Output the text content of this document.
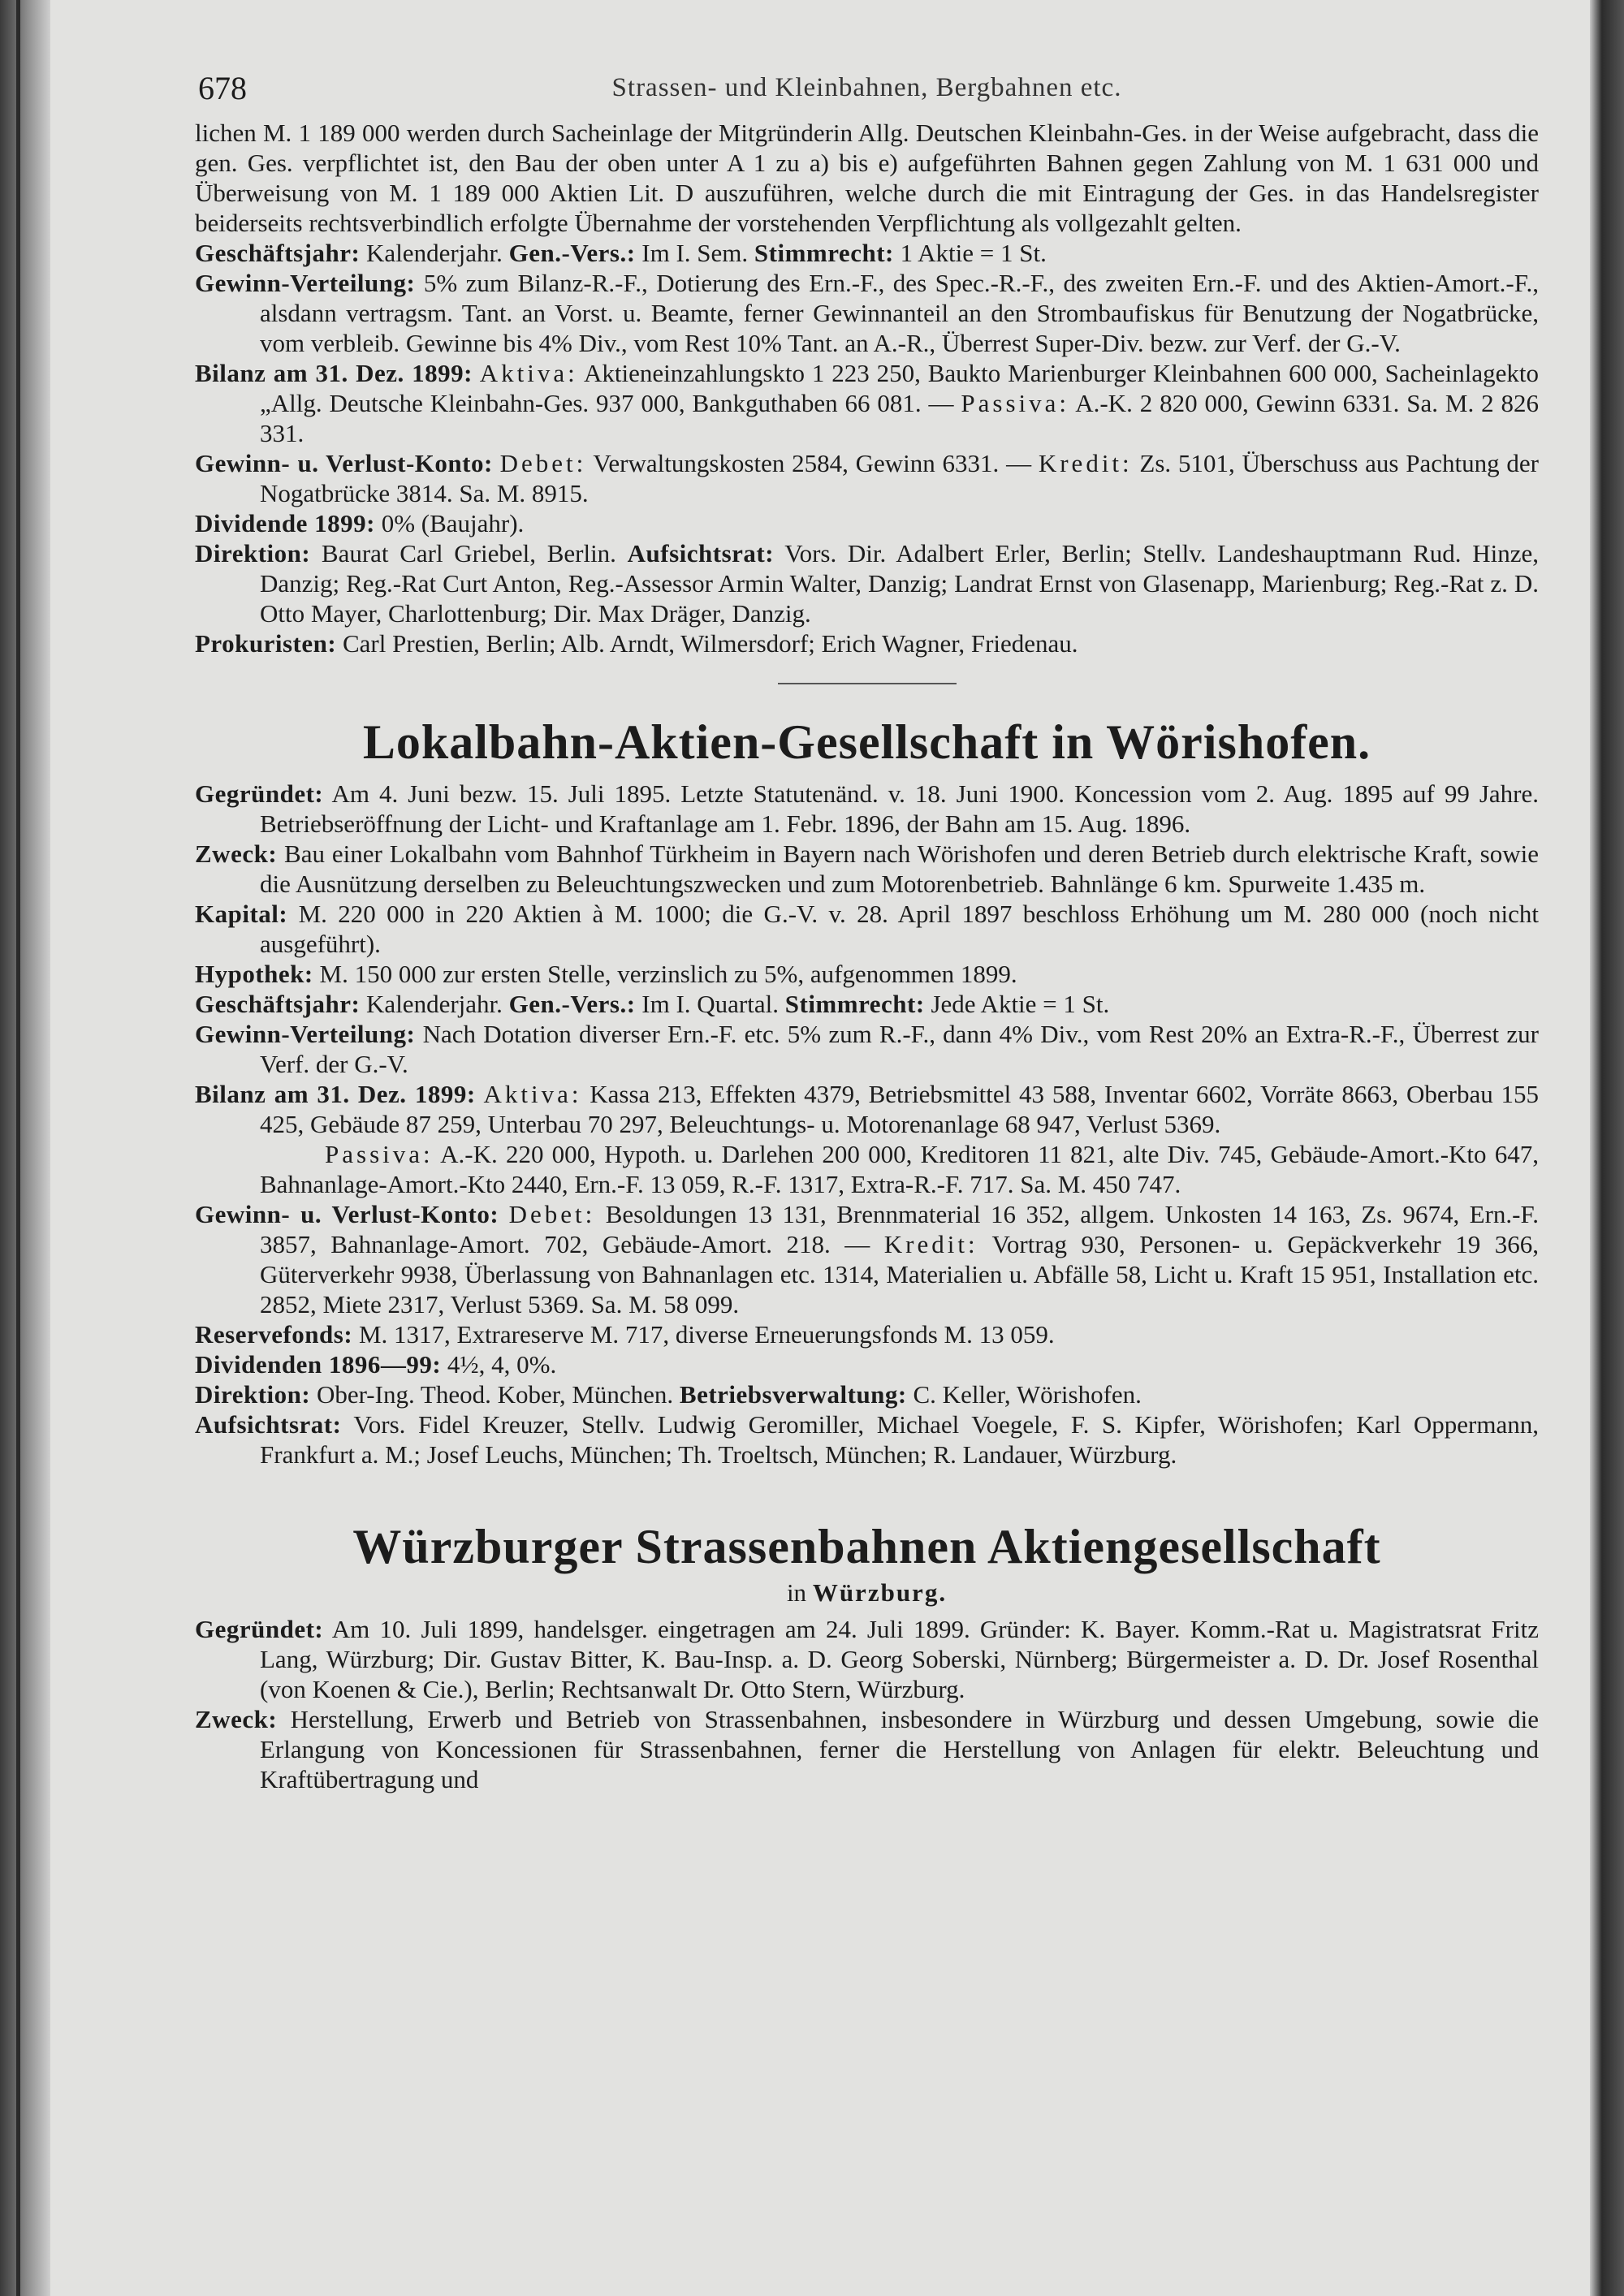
678	Strassen- und Kleinbahnen, Bergbahnen etc.

lichen M. 1 189 000 werden durch Sacheinlage der Mitgründerin Allg. Deutschen Kleinbahn-Ges. in der Weise aufgebracht, dass die gen. Ges. verpflichtet ist, den Bau der oben unter A 1 zu a) bis e) aufgeführten Bahnen gegen Zahlung von M. 1 631 000 und Überweisung von M. 1 189 000 Aktien Lit. D auszuführen, welche durch die mit Eintragung der Ges. in das Handelsregister beiderseits rechtsverbindlich erfolgte Übernahme der vorstehenden Verpflichtung als vollgezahlt gelten.

Geschäftsjahr: Kalenderjahr. Gen.-Vers.: Im I. Sem. Stimmrecht: 1 Aktie = 1 St.

Gewinn-Verteilung: 5% zum Bilanz-R.-F., Dotierung des Ern.-F., des Spec.-R.-F., des zweiten Ern.-F. und des Aktien-Amort.-F., alsdann vertragsm. Tant. an Vorst. u. Beamte, ferner Gewinnanteil an den Strombaufiskus für Benutzung der Nogatbrücke, vom verbleib. Gewinne bis 4% Div., vom Rest 10% Tant. an A.-R., Überrest Super-Div. bezw. zur Verf. der G.-V.

Bilanz am 31. Dez. 1899: Aktiva: Aktieneinzahlungskto 1 223 250, Baukto Marienburger Kleinbahnen 600 000, Sacheinlagekto „Allg. Deutsche Kleinbahn-Ges. 937 000, Bankguthaben 66 081. — Passiva: A.-K. 2 820 000, Gewinn 6331. Sa. M. 2 826 331.

Gewinn- u. Verlust-Konto: Debet: Verwaltungskosten 2584, Gewinn 6331. — Kredit: Zs. 5101, Überschuss aus Pachtung der Nogatbrücke 3814. Sa. M. 8915.

Dividende 1899: 0% (Baujahr).

Direktion: Baurat Carl Griebel, Berlin. Aufsichtsrat: Vors. Dir. Adalbert Erler, Berlin; Stellv. Landeshauptmann Rud. Hinze, Danzig; Reg.-Rat Curt Anton, Reg.-Assessor Armin Walter, Danzig; Landrat Ernst von Glasenapp, Marienburg; Reg.-Rat z. D. Otto Mayer, Charlottenburg; Dir. Max Dräger, Danzig.

Prokuristen: Carl Prestien, Berlin; Alb. Arndt, Wilmersdorf; Erich Wagner, Friedenau.

Lokalbahn-Aktien-Gesellschaft in Wörishofen.

Gegründet: Am 4. Juni bezw. 15. Juli 1895. Letzte Statutenänd. v. 18. Juni 1900. Koncession vom 2. Aug. 1895 auf 99 Jahre. Betriebseröffnung der Licht- und Kraftanlage am 1. Febr. 1896, der Bahn am 15. Aug. 1896.

Zweck: Bau einer Lokalbahn vom Bahnhof Türkheim in Bayern nach Wörishofen und deren Betrieb durch elektrische Kraft, sowie die Ausnützung derselben zu Beleuchtungszwecken und zum Motorenbetrieb. Bahnlänge 6 km. Spurweite 1.435 m.

Kapital: M. 220 000 in 220 Aktien à M. 1000; die G.-V. v. 28. April 1897 beschloss Erhöhung um M. 280 000 (noch nicht ausgeführt).

Hypothek: M. 150 000 zur ersten Stelle, verzinslich zu 5%, aufgenommen 1899.

Geschäftsjahr: Kalenderjahr. Gen.-Vers.: Im I. Quartal. Stimmrecht: Jede Aktie = 1 St.

Gewinn-Verteilung: Nach Dotation diverser Ern.-F. etc. 5% zum R.-F., dann 4% Div., vom Rest 20% an Extra-R.-F., Überrest zur Verf. der G.-V.

Bilanz am 31. Dez. 1899: Aktiva: Kassa 213, Effekten 4379, Betriebsmittel 43 588, Inventar 6602, Vorräte 8663, Oberbau 155 425, Gebäude 87 259, Unterbau 70 297, Beleuchtungs- u. Motorenanlage 68 947, Verlust 5369.
Passiva: A.-K. 220 000, Hypoth. u. Darlehen 200 000, Kreditoren 11 821, alte Div. 745, Gebäude-Amort.-Kto 647, Bahnanlage-Amort.-Kto 2440, Ern.-F. 13 059, R.-F. 1317, Extra-R.-F. 717. Sa. M. 450 747.

Gewinn- u. Verlust-Konto: Debet: Besoldungen 13 131, Brennmaterial 16 352, allgem. Unkosten 14 163, Zs. 9674, Ern.-F. 3857, Bahnanlage-Amort. 702, Gebäude-Amort. 218. — Kredit: Vortrag 930, Personen- u. Gepäckverkehr 19 366, Güterverkehr 9938, Überlassung von Bahnanlagen etc. 1314, Materialien u. Abfälle 58, Licht u. Kraft 15 951, Installation etc. 2852, Miete 2317, Verlust 5369. Sa. M. 58 099.

Reservefonds: M. 1317, Extrareserve M. 717, diverse Erneuerungsfonds M. 13 059.

Dividenden 1896—99: 4½, 4, 0%.

Direktion: Ober-Ing. Theod. Kober, München. Betriebsverwaltung: C. Keller, Wörishofen.

Aufsichtsrat: Vors. Fidel Kreuzer, Stellv. Ludwig Geromiller, Michael Voegele, F. S. Kipfer, Wörishofen; Karl Oppermann, Frankfurt a. M.; Josef Leuchs, München; Th. Troeltsch, München; R. Landauer, Würzburg.

Würzburger Strassenbahnen Aktiengesellschaft
in Würzburg.

Gegründet: Am 10. Juli 1899, handelsger. eingetragen am 24. Juli 1899. Gründer: K. Bayer. Komm.-Rat u. Magistratsrat Fritz Lang, Würzburg; Dir. Gustav Bitter, K. Bau-Insp. a. D. Georg Soberski, Nürnberg; Bürgermeister a. D. Dr. Josef Rosenthal (von Koenen & Cie.), Berlin; Rechtsanwalt Dr. Otto Stern, Würzburg.

Zweck: Herstellung, Erwerb und Betrieb von Strassenbahnen, insbesondere in Würzburg und dessen Umgebung, sowie die Erlangung von Koncessionen für Strassenbahnen, ferner die Herstellung von Anlagen für elektr. Beleuchtung und Kraftübertragung und
